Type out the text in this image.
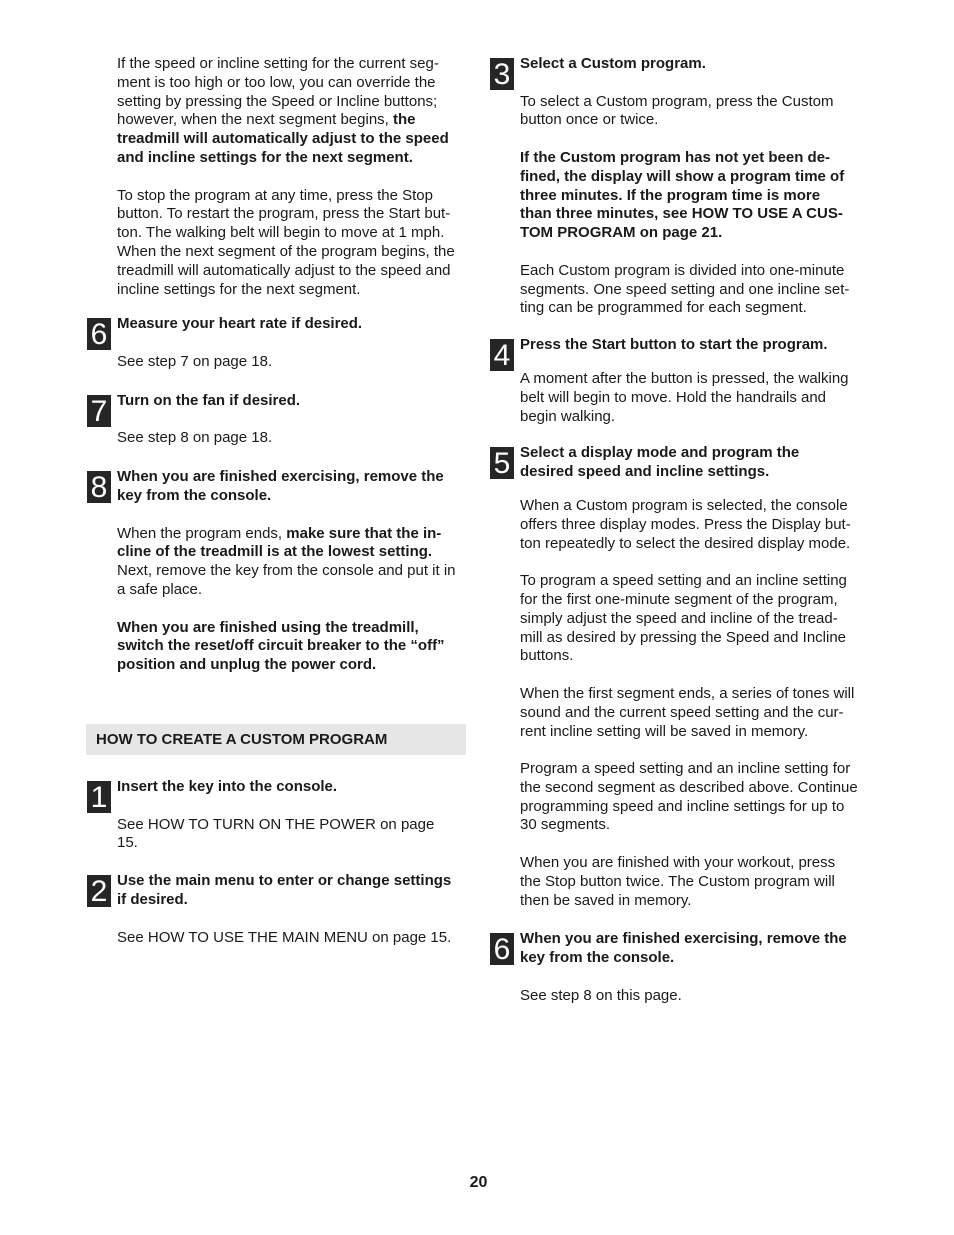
If the speed or incline setting for the current seg-
ment is too high or too low, you can override the
setting by pressing the Speed or Incline buttons;
however, when the next segment begins, the
treadmill will automatically adjust to the speed
and incline settings for the next segment.

To stop the program at any time, press the Stop
button. To restart the program, press the Start but-
ton. The walking belt will begin to move at 1 mph.
When the next segment of the program begins, the
treadmill will automatically adjust to the speed and
incline settings for the next segment.

6 Measure your heart rate if desired.

See step 7 on page 18.

7 Turn on the fan if desired.

See step 8 on page 18.

8 When you are finished exercising, remove the
key from the console.

When the program ends, make sure that the in-
cline of the treadmill is at the lowest setting.
Next, remove the key from the console and put it in
a safe place.

When you are finished using the treadmill,
switch the reset/off circuit breaker to the “off”
position and unplug the power cord.

HOW TO CREATE A CUSTOM PROGRAM
1 Insert the key into the console.

See HOW TO TURN ON THE POWER on page
15.

2 Use the main menu to enter or change settings
if desired.

See HOW TO USE THE MAIN MENU on page 15.

3 Select a Custom program.

To select a Custom program, press the Custom
button once or twice.

If the Custom program has not yet been de-
fined, the display will show a program time of
three minutes. If the program time is more
than three minutes, see HOW TO USE A CUS-
TOM PROGRAM on page 21.

Each Custom program is divided into one-minute
segments. One speed setting and one incline set-
ting can be programmed for each segment.

4 Press the Start button to start the program.

A moment after the button is pressed, the walking
belt will begin to move. Hold the handrails and
begin walking.

5 Select a display mode and program the
desired speed and incline settings.

When a Custom program is selected, the console
offers three display modes. Press the Display but-
ton repeatedly to select the desired display mode.

To program a speed setting and an incline setting
for the first one-minute segment of the program,
simply adjust the speed and incline of the tread-
mill as desired by pressing the Speed and Incline
buttons.

When the first segment ends, a series of tones will
sound and the current speed setting and the cur-
rent incline setting will be saved in memory.

Program a speed setting and an incline setting for
the second segment as described above. Continue
programming speed and incline settings for up to
30 segments.

When you are finished with your workout, press
the Stop button twice. The Custom program will
then be saved in memory.

6 When you are finished exercising, remove the
key from the console.

See step 8 on this page.

20
